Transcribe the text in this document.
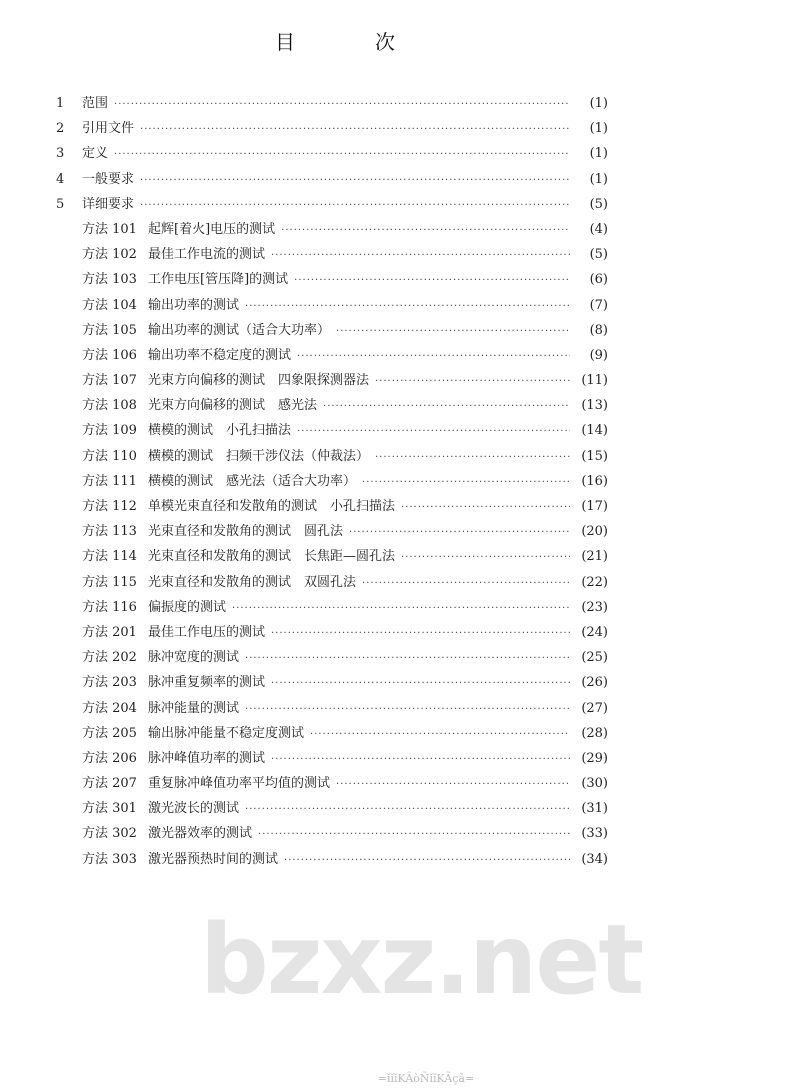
目　次
bzxz.net
1	范围 ·····	(1)
2	引用文件 ·····	(1)
3	定义 ·····	(1)
4	一般要求 ·····	(1)
5	详细要求 ·····	(5)
方法 101 起辉[着火]电压的测试 ·····	(4)
方法 102 最佳工作电流的测试 ·····	(5)
方法 103 工作电压[管压降]的测试 ·····	(6)
方法 104 输出功率的测试 ·····	(7)
方法 105 输出功率的测试（适合大功率） ·····	(8)
方法 106 输出功率不稳定度的测试 ·····	(9)
方法 107 光束方向偏移的测试　四象限探测器法 ·····	(11)
方法 108 光束方向偏移的测试　感光法 ·····	(13)
方法 109 横模的测试　小孔扫描法 ·····	(14)
方法 110 横模的测试　扫频干涉仪法（仲裁法） ·····	(15)
方法 111 横模的测试　感光法（适合大功率） ·····	(16)
方法 112 单模光束直径和发散角的测试　小孔扫描法 ·····	(17)
方法 113 光束直径和发散角的测试　圆孔法 ·····	(20)
方法 114 光束直径和发散角的测试　长焦距—圆孔法 ·····	(21)
方法 115 光束直径和发散角的测试　双圆孔法 ·····	(22)
方法 116 偏振度的测试 ·····	(23)
方法 201 最佳工作电压的测试 ·····	(24)
方法 202 脉冲宽度的测试 ·····	(25)
方法 203 脉冲重复频率的测试 ·····	(26)
方法 204 脉冲能量的测试 ·····	(27)
方法 205 输出脉冲能量不稳定度测试 ·····	(28)
方法 206 脉冲峰值功率的测试 ·····	(29)
方法 207 重复脉冲峰值功率平均值的测试 ·····	(30)
方法 301 激光波长的测试 ·····	(31)
方法 302 激光器效率的测试 ·····	(33)
方法 303 激光器预热时间的测试 ·····	(34)
=ĭĭĭKÃòÑĭĭKÃçã=
